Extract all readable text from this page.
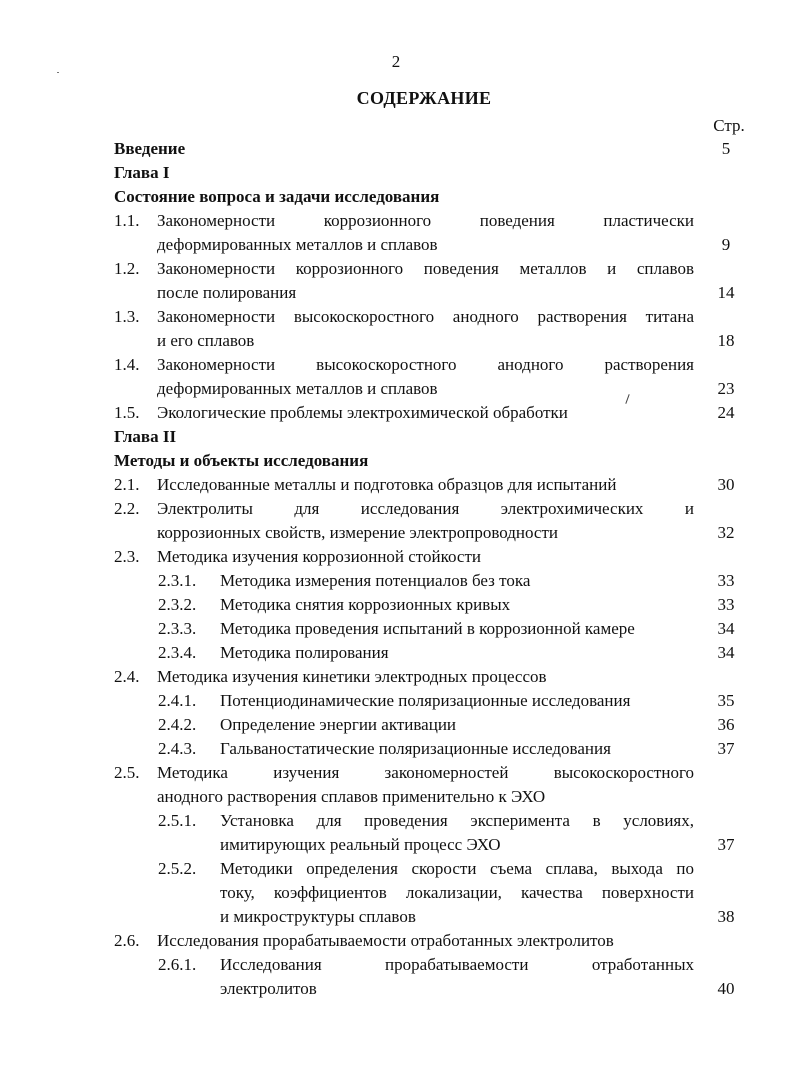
2
СОДЕРЖАНИЕ
Стр.
Введение	5
Глава I
Состояние вопроса и задачи исследования
1.1. Закономерности коррозионного поведения пластически
деформированных металлов и сплавов	9
1.2. Закономерности коррозионного поведения металлов и сплавов
после полирования	14
1.3. Закономерности высокоскоростного анодного растворения титана
и его сплавов	18
1.4. Закономерности высокоскоростного анодного растворения
деформированных металлов и сплавов	23
1.5. Экологические проблемы электрохимической обработки	24
Глава II
Методы и объекты исследования
2.1. Исследованные металлы и подготовка образцов для испытаний	30
2.2. Электролиты для исследования электрохимических и
коррозионных свойств, измерение электропроводности	32
2.3. Методика изучения коррозионной стойкости
2.3.1. Методика измерения потенциалов без тока	33
2.3.2. Методика снятия коррозионных кривых	33
2.3.3. Методика проведения испытаний в коррозионной камере	34
2.3.4. Методика полирования	34
2.4. Методика изучения кинетики электродных процессов
2.4.1. Потенциодинамические поляризационные исследования	35
2.4.2. Определение энергии активации	36
2.4.3. Гальваностатические поляризационные исследования	37
2.5. Методика изучения закономерностей высокоскоростного
анодного растворения сплавов применительно к ЭХО
2.5.1. Установка для проведения эксперимента в условиях,
имитирующих реальный процесс ЭХО	37
2.5.2. Методики определения скорости съема сплава, выхода по
току, коэффициентов локализации, качества поверхности
и микроструктуры сплавов	38
2.6. Исследования прорабатываемости отработанных электролитов
2.6.1. Исследования прорабатываемости отработанных
электролитов	40
